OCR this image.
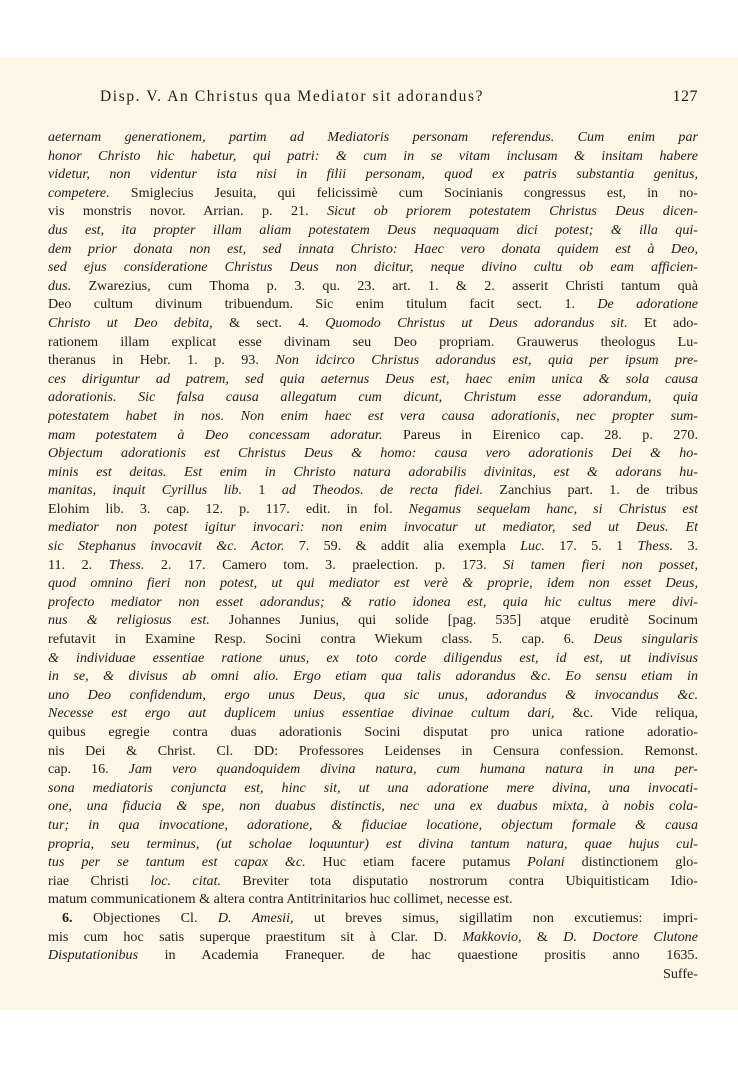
Disp. V. An Christus qua Mediator sit adorandus?	127
aeternam generationem, partim ad Mediatoris personam referendus. Cum enim par
honor Christo hic habetur, qui patri: & cum in se vitam inclusam & insitam habere
videtur, non videntur ista nisi in filii personam, quod ex patris substantia genitus,
competere. Smiglecius Jesuita, qui felicissimè cum Socinianis congressus est, in no-
vis monstris novor. Arrian. p. 21. Sicut ob priorem potestatem Christus Deus dicen-
dus est, ita propter illam aliam potestatem Deus nequaquam dici potest; & illa qui-
dem prior donata non est, sed innata Christo: Haec vero donata quidem est à Deo,
sed ejus consideratione Christus Deus non dicitur, neque divino cultu ob eam afficien-
dus. Zwarezius, cum Thoma p. 3. qu. 23. art. 1. & 2. asserit Christi tantum quà
Deo cultum divinum tribuendum. Sic enim titulum facit sect. 1. De adoratione
Christo ut Deo debita, & sect. 4. Quomodo Christus ut Deus adorandus sit. Et ado-
rationem illam explicat esse divinam seu Deo propriam. Grauwerus theologus Lu-
theranus in Hebr. 1. p. 93. Non idcirco Christus adorandus est, quia per ipsum pre-
ces diriguntur ad patrem, sed quia aeternus Deus est, haec enim unica & sola causa
adorationis. Sic falsa causa allegatum cum dicunt, Christum esse adorandum, quia
potestatem habet in nos. Non enim haec est vera causa adorationis, nec propter sum-
mam potestatem à Deo concessam adoratur. Pareus in Eirenico cap. 28. p. 270.
Objectum adorationis est Christus Deus & homo: causa vero adorationis Dei & ho-
minis est deitas. Est enim in Christo natura adorabilis divinitas, est & adorans hu-
manitas, inquit Cyrillus lib. 1 ad Theodos. de recta fidei. Zanchius part. 1. de tribus
Elohim lib. 3. cap. 12. p. 117. edit. in fol. Negamus sequelam hanc, si Christus est
mediator non potest igitur invocari: non enim invocatur ut mediator, sed ut Deus. Et
sic Stephanus invocavit &c. Actor. 7. 59. & addit alia exempla Luc. 17. 5. 1 Thess. 3.
11. 2. Thess. 2. 17. Camero tom. 3. praelection. p. 173. Si tamen fieri non posset,
quod omnino fieri non potest, ut qui mediator est verè & proprie, idem non esset Deus,
profecto mediator non esset adorandus; & ratio idonea est, quia hic cultus mere divi-
nus & religiosus est. Johannes Junius, qui solide [pag. 535] atque eruditè Socinum
refutavit in Examine Resp. Socini contra Wiekum class. 5. cap. 6. Deus singularis
& individuae essentiae ratione unus, ex toto corde diligendus est, id est, ut indivisus
in se, & divisus ab omni alio. Ergo etiam qua talis adorandus &c. Eo sensu etiam in
uno Deo confidendum, ergo unus Deus, qua sic unus, adorandus & invocandus &c.
Necesse est ergo aut duplicem unius essentiae divinae cultum dari, &c. Vide reliqua,
quibus egregie contra duas adorationis Socini disputat pro unica ratione adoratio-
nis Dei & Christ. Cl. DD: Professores Leidenses in Censura confession. Remonst.
cap. 16. Jam vero quandoquidem divina natura, cum humana natura in una per-
sona mediatoris conjuncta est, hinc sit, ut una adoratione mere divina, una invocati-
one, una fiducia & spe, non duabus distinctis, nec una ex duabus mixta, à nobis cola-
tur; in qua invocatione, adoratione, & fiduciae locatione, objectum formale & causa
propria, seu terminus, (ut scholae loquuntur) est divina tantum natura, quae hujus cul-
tus per se tantum est capax &c. Huc etiam facere putamus Polani distinctionem glo-
riae Christi loc. citat. Breviter tota disputatio nostrorum contra Ubiquitisticam Idio-
matum communicationem & altera contra Antitrinitarios huc collimet, necesse est.
6. Objectiones Cl. D. Amesii, ut breves simus, sigillatim non excutiemus: impri-
mis cum hoc satis superque praestitum sit à Clar. D. Makkovio, & D. Doctore Clutone
Disputationibus in Academia Franequer. de hac quaestione prositis anno 1635.
Suffe-
